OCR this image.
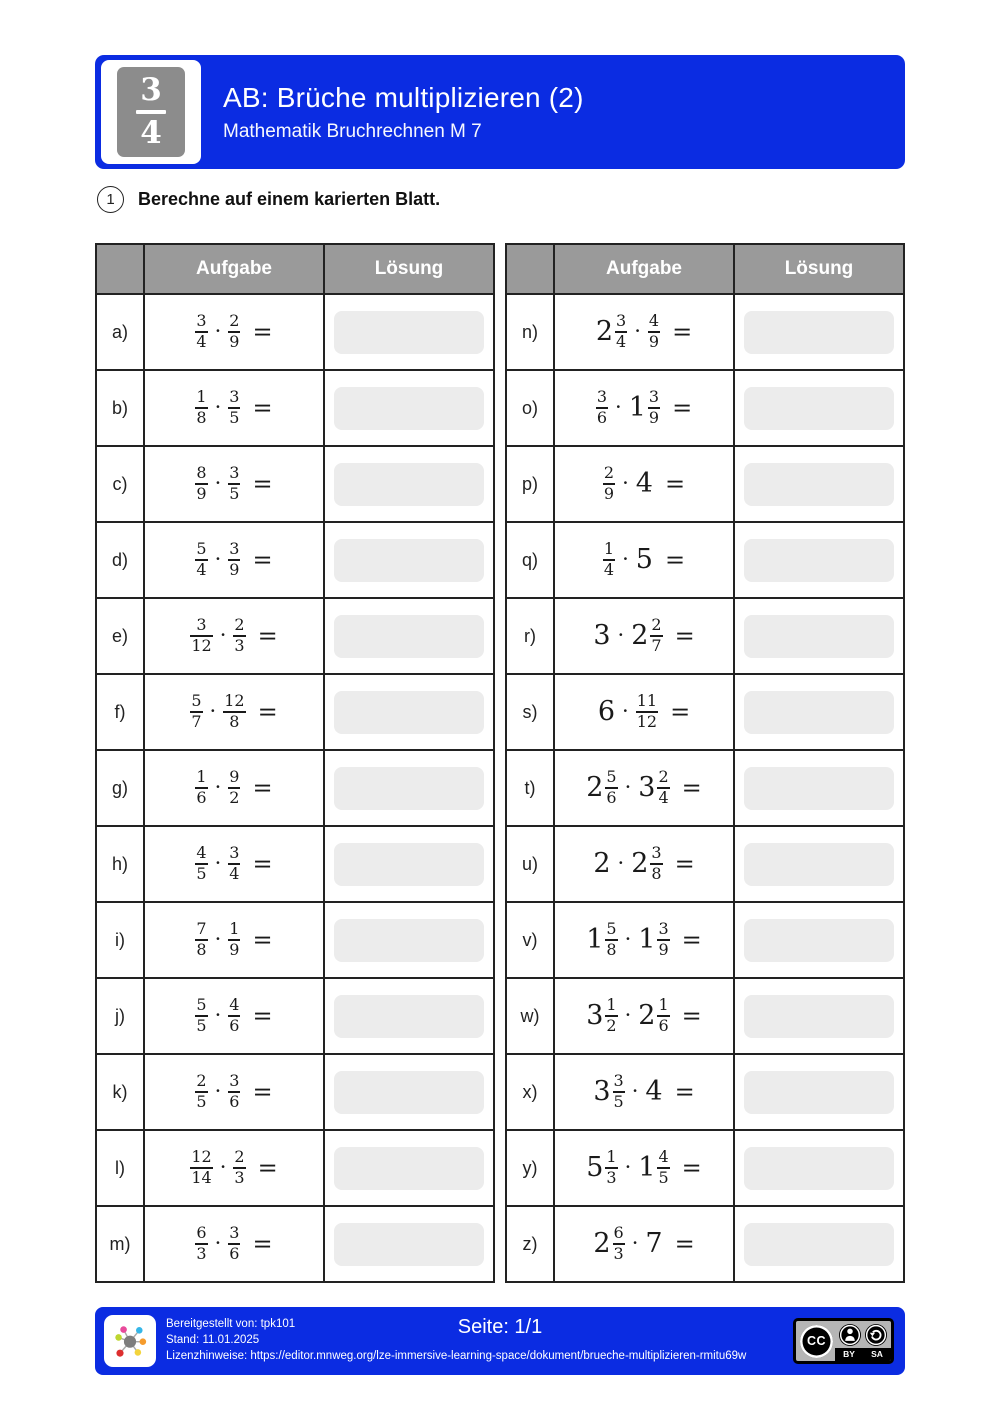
$\frac{3}{4}$ AB: Brüche multiplizieren (2)
Mathematik Bruchrechnen M 7
1	Berechne auf einem karierten Blatt.
	Aufgabe	Lösung
a)	$\frac{3}{4} \cdot \frac{2}{9}$ =

b)	$\frac{1}{8} \cdot \frac{3}{5}$ =

c)	$\frac{8}{9} \cdot \frac{3}{5}$ =

d)	$\frac{5}{4} \cdot \frac{3}{9}$ =

e)	$\frac{3}{12} \cdot \frac{2}{3}$ =

f)	$\frac{5}{7} \cdot \frac{12}{8}$ =

g)	$\frac{1}{6} \cdot \frac{9}{2}$ =

h)	$\frac{4}{5} \cdot \frac{3}{4}$ =

i)	$\frac{7}{8} \cdot \frac{1}{9}$ =

j)	$\frac{5}{5} \cdot \frac{4}{6}$ =

k)	$\frac{2}{5} \cdot \frac{3}{6}$ =

l)	$\frac{12}{14} \cdot \frac{2}{3}$ =

m)	$\frac{6}{3} \cdot \frac{3}{6}$ =

	Aufgabe	Lösung
n)	$2 \frac{3}{4} \cdot \frac{4}{9}$ =

o)	$\frac{3}{6} \cdot 1 \frac{3}{9}$ =

p)	$\frac{2}{9} \cdot 4$ =	

q)	$\frac{1}{4} \cdot 5$ =	

r)	$3 \cdot 2 \frac{2}{7}$ =

s)	$6 \cdot \frac{11}{12}$ =	

t)	$2 \frac{5}{6} \cdot 3 \frac{2}{4}$ =

u)	$2 \cdot 2 \frac{3}{8}$ =

v)	$1 \frac{5}{8} \cdot 1 \frac{3}{9}$ =

w)	$3 \frac{1}{2} \cdot 2 \frac{1}{6}$ =

x)	$3 \frac{3}{5} \cdot 4$ =

y)	$5 \frac{1}{3} \cdot 1 \frac{4}{5}$ =

z)	$2 \frac{6}{3} \cdot 7$ =

Bereitgestellt von: tpk101
Stand: 11.01.2025
Lizenzhinweise: https://editor.mnweg.org/lze-immersive-learning-space/dokument/brueche-multiplizieren-rmitu69w
Seite: 1/1
CC
BY SA
